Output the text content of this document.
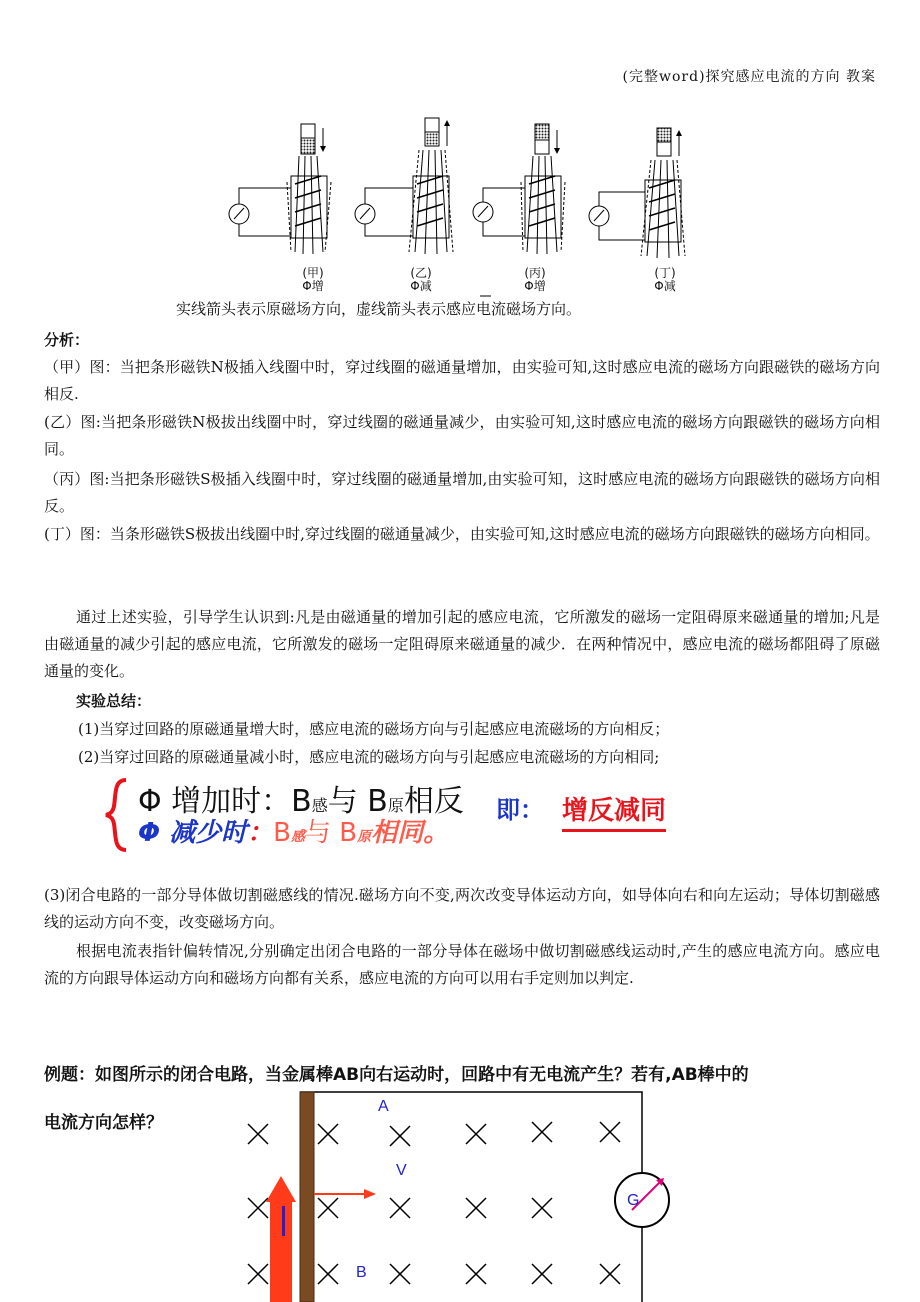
(完整word)探究感应电流的方向 教案
(甲)
Φ增
(乙)
Φ减
(丙)
Φ增
(丁)
Φ减
实线箭头表示原磁场方向，虚线箭头表示感应电流磁场方向。
分析：
（甲）图：当把条形磁铁N极插入线圈中时，穿过线圈的磁通量增加，由实验可知,这时感应电流的磁场方向跟磁铁的磁场方向相反.
(乙）图:当把条形磁铁N极拔出线圈中时，穿过线圈的磁通量减少，由实验可知,这时感应电流的磁场方向跟磁铁的磁场方向相同。
（丙）图:当把条形磁铁S极插入线圈中时，穿过线圈的磁通量增加,由实验可知，这时感应电流的磁场方向跟磁铁的磁场方向相反。
(丁）图：当条形磁铁S极拔出线圈中时,穿过线圈的磁通量减少，由实验可知,这时感应电流的磁场方向跟磁铁的磁场方向相同。
通过上述实验，引导学生认识到:凡是由磁通量的增加引起的感应电流，它所激发的磁场一定阻碍原来磁通量的增加;凡是由磁通量的减少引起的感应电流，它所激发的磁场一定阻碍原来磁通量的减少．在两种情况中，感应电流的磁场都阻碍了原磁通量的变化。
实验总结：
(1)当穿过回路的原磁通量增大时，感应电流的磁场方向与引起感应电流磁场的方向相反；
(2)当穿过回路的原磁通量减小时，感应电流的磁场方向与引起感应电流磁场的方向相同;
Φ 增加时：B感与 B原相反
Φ 减少时：B感与 B原相同。
即： 增反减同
(3)闭合电路的一部分导体做切割磁感线的情况.磁场方向不变,两次改变导体运动方向，如导体向右和向左运动；导体切割磁感线的运动方向不变，改变磁场方向。
根据电流表指针偏转情况,分别确定出闭合电路的一部分导体在磁场中做切割磁感线运动时,产生的感应电流方向。感应电流的方向跟导体运动方向和磁场方向都有关系，感应电流的方向可以用右手定则加以判定.
例题：如图所示的闭合电路，当金属棒AB向右运动时，回路中有无电流产生？若有,AB棒中的
电流方向怎样？
A
V
B
G
